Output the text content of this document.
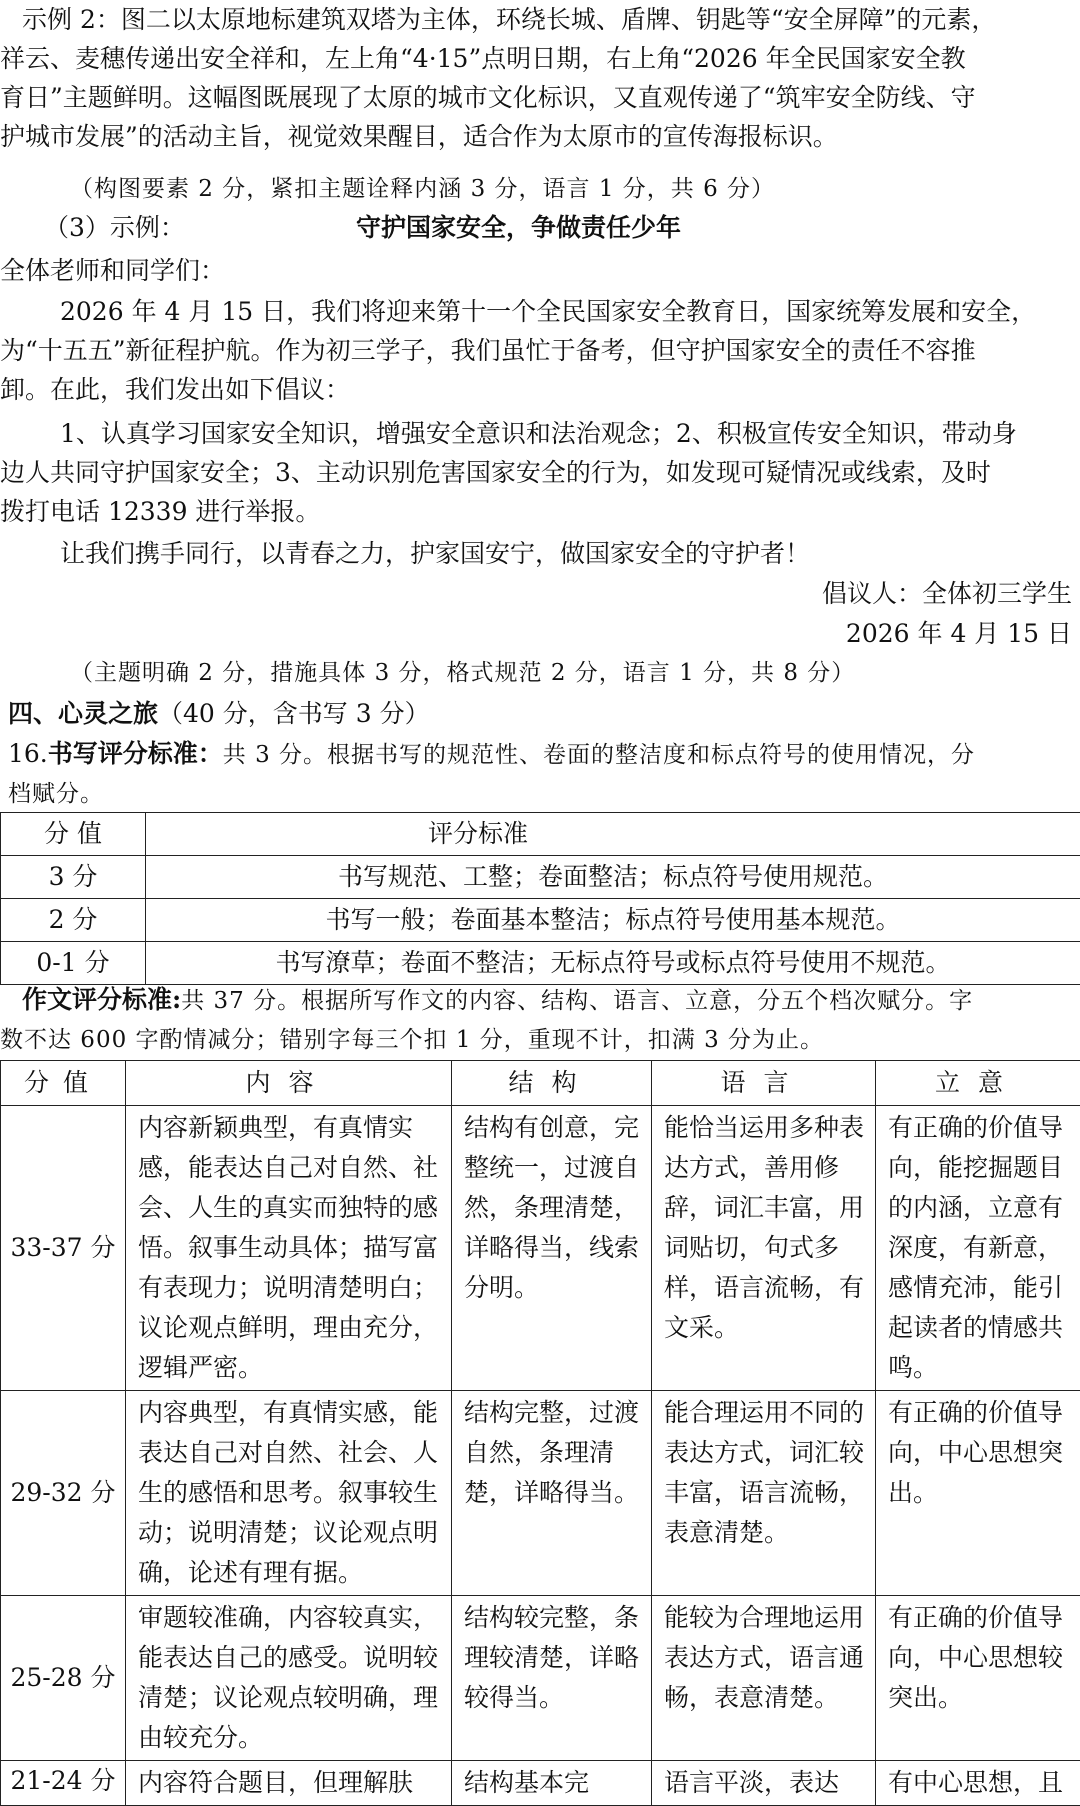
示例 2：图二以太原地标建筑双塔为主体，环绕长城、盾牌、钥匙等“安全屏障”的元素，

祥云、麦穗传递出安全祥和，左上角“4·15”点明日期，右上角“2026 年全民国家安全教

育日”主题鲜明。这幅图既展现了太原的城市文化标识，又直观传递了“筑牢安全防线、守

护城市发展”的活动主旨，视觉效果醒目，适合作为太原市的宣传海报标识。

（构图要素 2 分，紧扣主题诠释内涵 3 分，语言 1 分，共 6 分）

（3）示例：	守护国家安全，争做责任少年

全体老师和同学们：

2026 年 4 月 15 日，我们将迎来第十一个全民国家安全教育日，国家统筹发展和安全，

为“十五五”新征程护航。作为初三学子，我们虽忙于备考，但守护国家安全的责任不容推

卸。在此，我们发出如下倡议：

1、认真学习国家安全知识，增强安全意识和法治观念；2、积极宣传安全知识，带动身

边人共同守护国家安全；3、主动识别危害国家安全的行为，如发现可疑情况或线索，及时

拨打电话 12339 进行举报。

让我们携手同行，以青春之力，护家国安宁，做国家安全的守护者！

倡议人：全体初三学生

2026 年 4 月 15 日

（主题明确 2 分，措施具体 3 分，格式规范 2 分，语言 1 分，共 8 分）

四、心灵之旅（40 分，含书写 3 分）

16.书写评分标准：共 3 分。根据书写的规范性、卷面的整洁度和标点符号的使用情况，分

档赋分。

分 值	评分标准
3 分	书写规范、工整；卷面整洁；标点符号使用规范。
2 分	书写一般；卷面基本整洁；标点符号使用基本规范。
0-1 分	书写潦草；卷面不整洁；无标点符号或标点符号使用不规范。

作文评分标准:共 37 分。根据所写作文的内容、结构、语言、立意，分五个档次赋分。字

数不达 600 字酌情减分；错别字每三个扣 1 分，重现不计，扣满 3 分为止。

分值	内容	结构	语言	立意
33-37 分	内容新颖典型，有真情实感，能表达自己对自然、社会、人生的真实而独特的感悟。叙事生动具体；描写富有表现力；说明清楚明白；议论观点鲜明，理由充分，逻辑严密。	结构有创意，完整统一，过渡自然，条理清楚，详略得当，线索分明。	能恰当运用多种表达方式，善用修辞，词汇丰富，用词贴切，句式多样，语言流畅，有文采。	有正确的价值导向，能挖掘题目的内涵，立意有深度，有新意，感情充沛，能引起读者的情感共鸣。
29-32 分	内容典型，有真情实感，能表达自己对自然、社会、人生的感悟和思考。叙事较生动；说明清楚；议论观点明确，论述有理有据。	结构完整，过渡自然，条理清楚，详略得当。	能合理运用不同的表达方式，词汇较丰富，语言流畅，表意清楚。	有正确的价值导向，中心思想突出。
25-28 分	审题较准确，内容较真实，能表达自己的感受。说明较清楚；议论观点较明确，理由较充分。	结构较完整，条理较清楚，详略较得当。	能较为合理地运用表达方式，语言通畅，表意清楚。	有正确的价值导向，中心思想较突出。
21-24 分	内容符合题目，但理解肤	结构基本完	语言平淡，表达	有中心思想，且
